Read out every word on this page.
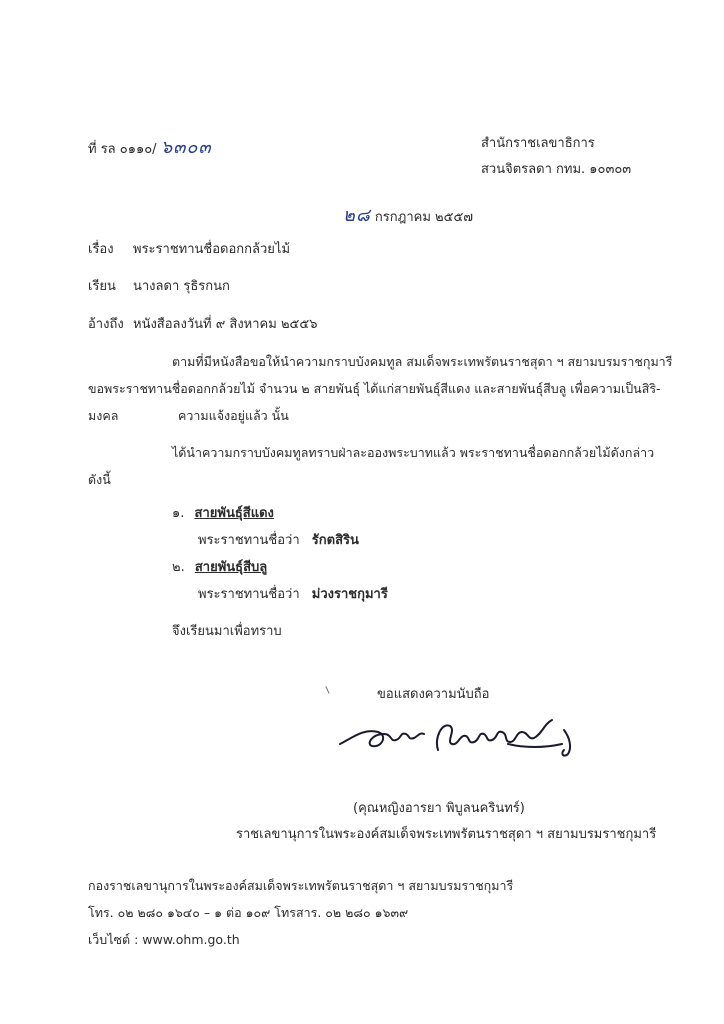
ที่ รล ๐๑๑๐/ ๖๓๐๓	สำนักราชเลขาธิการ
สวนจิตรลดา กทม. ๑๐๓๐๓
๒๘ กรกฎาคม ๒๕๕๗
เรื่อง พระราชทานชื่อดอกกล้วยไม้
เรียน นางลดา รุธิรกนก
อ้างถึง หนังสือลงวันที่ ๙ สิงหาคม ๒๕๕๖
ตามที่มีหนังสือขอให้นำความกราบบังคมทูล สมเด็จพระเทพรัตนราชสุดา ฯ สยามบรมราชกุมารี
ขอพระราชทานชื่อดอกกล้วยไม้ จำนวน ๒ สายพันธุ์ ได้แก่สายพันธุ์สีแดง และสายพันธุ์สีบลู เพื่อความเป็นสิริ-
มงคล	ความแจ้งอยู่แล้ว นั้น
ได้นำความกราบบังคมทูลทราบฝ่าละอองพระบาทแล้ว พระราชทานชื่อดอกกล้วยไม้ดังกล่าว
ดังนี้
๑. สายพันธุ์สีแดง
พระราชทานชื่อว่า รักตสิริน
๒. สายพันธุ์สีบลู
พระราชทานชื่อว่า ม่วงราชกุมารี
จึงเรียนมาเพื่อทราบ
ขอแสดงความนับถือ
(คุณหญิงอารยา พิบูลนครินทร์)
ราชเลขานุการในพระองค์สมเด็จพระเทพรัตนราชสุดา ฯ สยามบรมราชกุมารี
กองราชเลขานุการในพระองค์สมเด็จพระเทพรัตนราชสุดา ฯ สยามบรมราชกุมารี
โทร. ๐๒ ๒๘๐ ๑๖๔๐ – ๑ ต่อ ๑๐๙ โทรสาร. ๐๒ ๒๘๐ ๑๖๓๙
เว็บไซต์ : www.ohm.go.th
